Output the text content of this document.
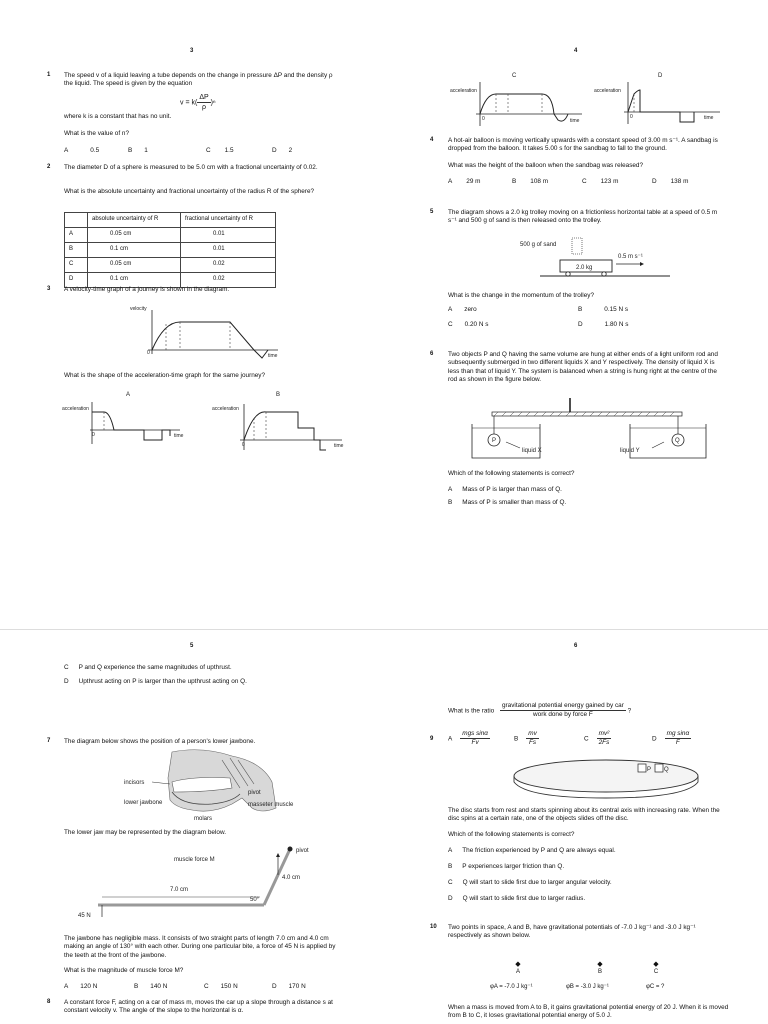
3
1 The speed v of a liquid leaving a tube depends on the change in pressure ΔP and the density ρ the liquid. The speed is given by the equation
$v = k( \frac{\Delta P}{\rho} )^n$
where k is a constant that has no unit.
What is the value of n?
A	0.5	B 1	C 1.5	D 2
2 The diameter D of a sphere is measured to be 5.0 cm with a fractional uncertainty of 0.02.
What is the absolute uncertainty and fractional uncertainty of the radius R of the sphere?
	absolute uncertainty of R	fractional uncertainty of R
A	0.05 cm	0.01
B	0.1 cm	0.01
C	0.05 cm	0.02
D	0.1 cm	0.02
3 A velocity-time graph of a journey is shown in the diagram.
velocity
0	time
What is the shape of the acceleration-time graph for the same journey?
A
acceleration
0	time
B
acceleration
0	time
4
C
acceleration
0	time
D
acceleration
0	time
4 A hot-air balloon is moving vertically upwards with a constant speed of 3.00 m s⁻¹. A sandbag is dropped from the balloon. It takes 5.00 s for the sandbag to fall to the ground.
What was the height of the balloon when the sandbag was released?
A 29 m	B 108 m	C 123 m	D 138 m
5 The diagram shows a 2.0 kg trolley moving on a frictionless horizontal table at a speed of 0.5 m s⁻¹ and 500 g of sand is then released onto the trolley.
500 g of sand
2.0 kg
0.5 m s⁻¹
What is the change in the momentum of the trolley?
A zero	B	0.15 N s
C 0.20 N s	D	1.80 N s
6 Two objects P and Q having the same volume are hung at either ends of a light uniform rod and subsequently submerged in two different liquids X and Y respectively. The density of liquid X is less than that of liquid Y. The system is balanced when a string is hung right at the centre of the rod as shown in the figure below.
P	Q
liquid X	liquid Y
Which of the following statements is correct?
A Mass of P is larger than mass of Q.
B Mass of P is smaller than mass of Q.
5
C P and Q experience the same magnitudes of upthrust.
D Upthrust acting on P is larger than the upthrust acting on Q.
7 The diagram below shows the position of a person's lower jawbone.
incisors
lower jawbone
molars
pivot
masseter muscle
The lower jaw may be represented by the diagram below.
pivot
muscle force M
4.0 cm
7.0 cm
50°
45 N
The jawbone has negligible mass. It consists of two straight parts of length 7.0 cm and 4.0 cm making an angle of 130° with each other. During one particular bite, a force of 45 N is applied by the teeth at the front of the jawbone.
What is the magnitude of muscle force M?
A 120 N	B 140 N	C 150 N	D 170 N
8 A constant force F, acting on a car of mass m, moves the car up a slope through a distance s at constant velocity v. The angle of the slope to the horizontal is α.
6
What is the ratio $\frac{\text{gravitational potential energy gained by car}}{\text{work done by force F}}$ ?
9 A $\frac{\text{mgs sinα}}{Fv}$	B $\frac{mv}{Fs}$	C $\frac{\text{mv²}}{2Fs}$	D $\frac{\text{mg sinα}}{F}$
P Q
The disc starts from rest and starts spinning about its central axis with increasing rate. When the disc spins at a certain rate, one of the objects slides off the disc.
Which of the following statements is correct?
A The friction experienced by P and Q are always equal.
B P experiences larger friction than Q.
C Q will start to slide first due to larger angular velocity.
D Q will start to slide first due to larger radius.
10 Two points in space, A and B, have gravitational potentials of -7.0 J kg⁻¹ and -3.0 J kg⁻¹ respectively as shown below.
◆
A
◆
B
◆
C
φA = -7.0 J kg⁻¹	φB = -3.0 J kg⁻¹	φC = ?
When a mass is moved from A to B, it gains gravitational potential energy of 20 J. When it is moved from B to C, it loses gravitational potential energy of 5.0 J.
